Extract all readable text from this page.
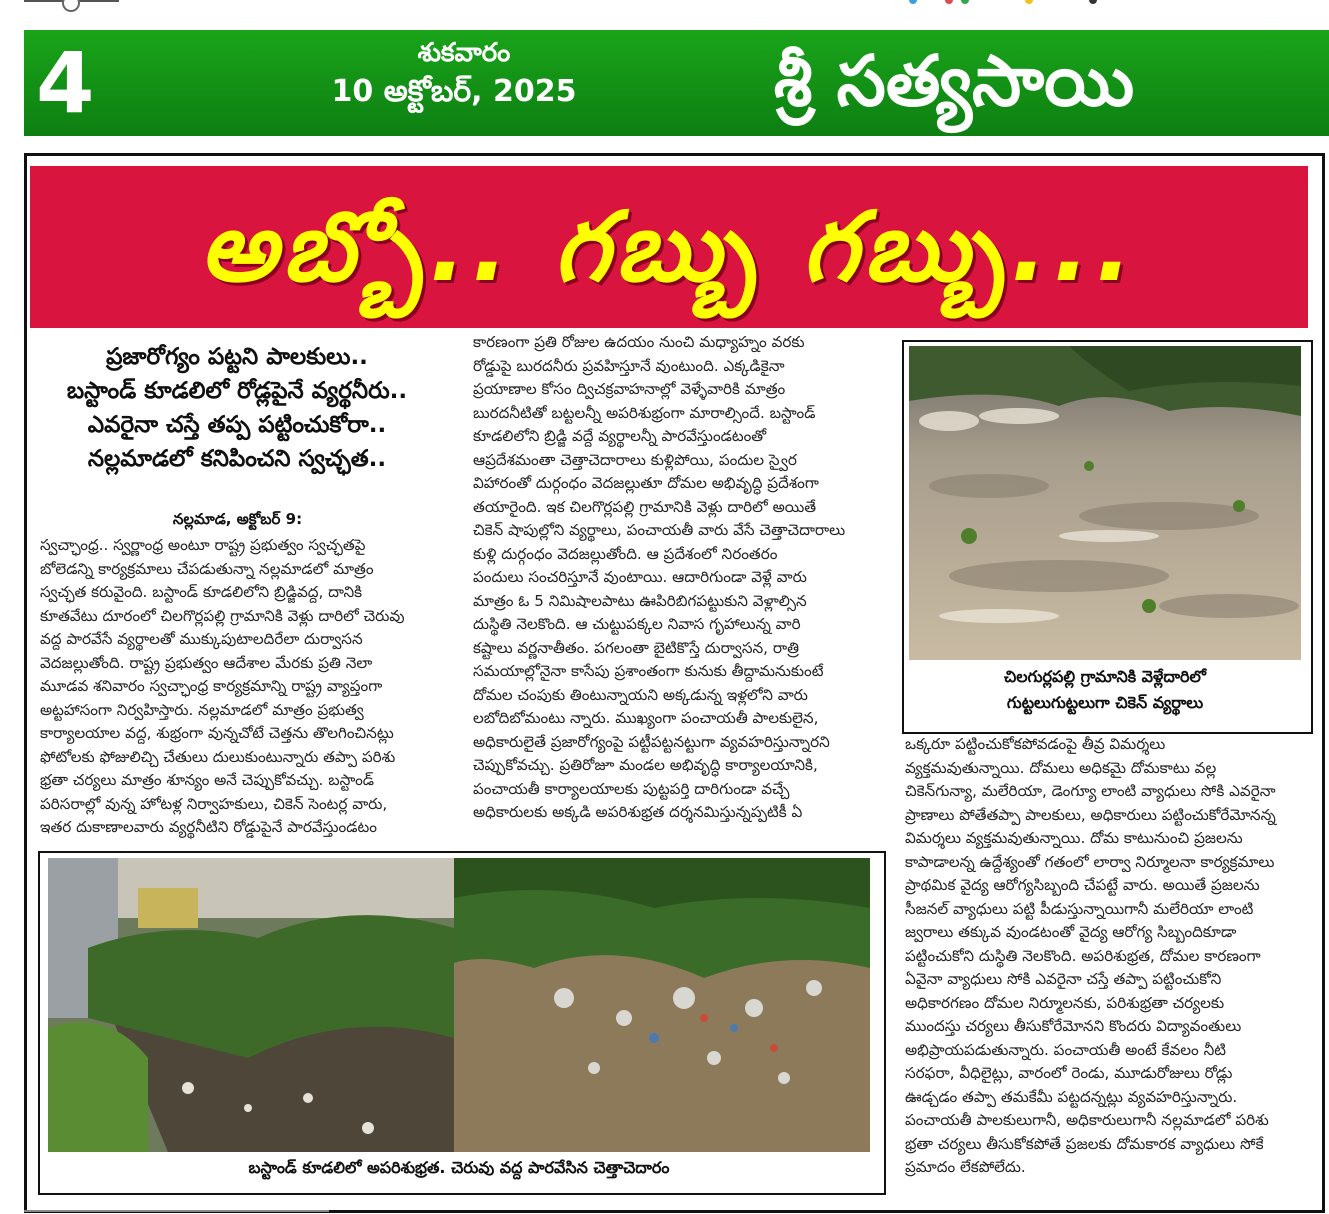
4	శుకవారం
10 అక్టోబర్, 2025	శ్రీ సత్యసాయి
అబ్బో.. గబ్బు గబ్బు...
ప్రజారోగ్యం పట్టని పాలకులు..
బస్టాండ్ కూడలిలో రోడ్లపైనే వ్యర్థనీరు..
ఎవరైనా చస్తే తప్ప పట్టించుకోరా..
నల్లమాడలో కనిపించని స్వచ్ఛత..
నల్లమాడ, అక్టోబర్ 9:

స్వచ్ఛాంధ్ర.. స్వర్ణాంధ్ర అంటూ రాష్ట్ర ప్రభుత్వం స్వచ్ఛతపై

బోలెడన్ని కార్యక్రమాలు చేపడుతున్నా నల్లమాడలో మాత్రం

స్వచ్ఛత కరువైంది. బస్టాండ్ కూడలిలోని బ్రిడ్జివద్ద, దానికి

కూతవేటు దూరంలో చిలగొర్లపల్లి గ్రామానికి వెళ్లు దారిలో చెరువు

వద్ద పారవేసే వ్యర్థాలతో ముక్కుపుటాలదిరేలా దుర్వాసన

వెదజల్లుతోంది. రాష్ట్ర ప్రభుత్వం ఆదేశాల మేరకు ప్రతి నెలా

మూడవ శనివారం స్వచ్ఛాంధ్ర కార్యక్రమాన్ని రాష్ట్ర వ్యాప్తంగా

అట్టహాసంగా నిర్వహిస్తారు. నల్లమాడలో మాత్రం ప్రభుత్వ

కార్యాలయాల వద్ద, శుభ్రంగా వున్నచోటే చెత్తను తొలగించినట్లు

ఫోటోలకు ఫోజులిచ్చి చేతులు దులుకుంటున్నారు తప్పా పరిశు

భ్రతా చర్యలు మాత్రం శూన్యం అనే చెప్పుకోవచ్చు. బస్టాండ్

పరిసరాల్లో వున్న హోటళ్ల నిర్వాహకులు, చికెన్ సెంటర్ల వారు,

ఇతర దుకాణాలవారు వ్యర్థనీటిని రోడ్డుపైనే పారవేస్తుండటం

కారణంగా ప్రతి రోజుల ఉదయం నుంచి మధ్యాహ్నం వరకు

రోడ్డుపై బురదనీరు ప్రవహిస్తూనే వుంటుంది. ఎక్కడికైనా

ప్రయాణాల కోసం ద్విచక్రవాహనాల్లో వెళ్ళేవారికి మాత్రం

బురదనీటితో బట్టలన్నీ అపరిశుభ్రంగా మారాల్సిందే. బస్టాండ్

కూడలిలోని బ్రిడ్జి వద్దే వ్యర్థాలన్నీ పారవేస్తుండటంతో

ఆప్రదేశమంతా చెత్తాచెదారాలు కుళ్లిపోయి, పందుల స్వైర

విహారంతో దుర్గంధం వెదజల్లుతూ దోమల అభివృద్ధి ప్రదేశంగా

తయారైంది. ఇక చిలగొర్లపల్లి గ్రామానికి వెళ్లు దారిలో అయితే

చికెన్ షాపుల్లోని వ్యర్థాలు, పంచాయతీ వారు వేసే చెత్తాచెదారాలు

కుళ్లి దుర్గంధం వెదజల్లుతోంది. ఆ ప్రదేశంలో నిరంతరం

పందులు సంచరిస్తూనే వుంటాయి. ఆదారిగుండా వెళ్లే వారు

మాత్రం ఓ 5 నిమిషాలపాటు ఊపిరిబిగపట్టుకుని వెళ్లాల్సిన

దుస్థితి నెలకొంది. ఆ చుట్టుపక్కల నివాస గృహాలున్న వారి

కష్టాలు వర్ణనాతీతం. పగలంతా బైటికొస్తే దుర్వాసన, రాత్రి

సమయాల్లోనైనా కాసేపు ప్రశాంతంగా కునుకు తీద్దామనుకుంటే

దోమల చంపుకు తింటున్నాయని అక్కడున్న ఇళ్లలోని వారు

లబోదిబోమంటు న్నారు. ముఖ్యంగా పంచాయతీ పాలకులైన,

అధికారులైతే ప్రజారోగ్యంపై పట్టీపట్టనట్టుగా వ్యవహరిస్తున్నారని

చెప్పుకోవచ్చు. ప్రతిరోజూ మండల అభివృద్ధి కార్యాలయానికి,

పంచాయతీ కార్యాలయాలకు పుట్టపర్తి దారిగుండా వచ్చే

అధికారులకు అక్కడి అపరిశుభ్రత దర్శనమిస్తున్నప్పటికీ ఏ

ఒక్కరూ పట్టించుకోకపోవడంపై తీవ్ర విమర్శలు

వ్యక్తమవుతున్నాయి. దోమలు అధికమై దోమకాటు వల్ల

చికెన్‌గున్యా, మలేరియా, డెంగ్యూ లాంటి వ్యాధులు సోకి ఎవరైనా

ప్రాణాలు పోతేతప్పా పాలకులు, అధికారులు పట్టించుకోరేమోనన్న

విమర్శలు వ్యక్తమవుతున్నాయి. దోమ కాటునుంచి ప్రజలను

కాపాడాలన్న ఉద్దేశ్యంతో గతంలో లార్వా నిర్మూలనా కార్యక్రమాలు

ప్రాథమిక వైద్య ఆరోగ్యసిబ్బంది చేపట్టే వారు. అయితే ప్రజలను

సీజనల్ వ్యాధులు పట్టి పీడుస్తున్నాయిగానీ మలేరియా లాంటి

జ్వరాలు తక్కువ వుండటంతో వైద్య ఆరోగ్య సిబ్బందికూడా

పట్టించుకోని దుస్థితి నెలకొంది. అపరిశుభ్రత, దోమల కారణంగా

ఏవైనా వ్యాధులు సోకి ఎవరైనా చస్తే తప్పా పట్టించుకోని

అధికారగణం దోమల నిర్మూలనకు, పరిశుభ్రతా చర్యలకు

ముందస్తు చర్యలు తీసుకోరేమోనని కొందరు విద్యావంతులు

అభిప్రాయపడుతున్నారు. పంచాయతీ అంటే కేవలం నీటి

సరఫరా, వీధిలైట్లు, వారంలో రెండు, మూడురోజులు రోడ్లు

ఊడ్చడం తప్పా తమకేమీ పట్టదన్నట్లు వ్యవహరిస్తున్నారు.

పంచాయతీ పాలకులుగానీ, అధికారులుగానీ నల్లమాడలో పరిశు

భ్రతా చర్యలు తీసుకోకపోతే ప్రజలకు దోమకారక వ్యాధులు సోకే

ప్రమాదం లేకపోలేదు.

చిలగుర్లపల్లి గ్రామానికి వెళ్లేదారిలో
గుట్టలుగుట్టలుగా చికెన్ వ్యర్థాలు
బస్టాండ్ కూడలిలో అపరిశుభ్రత. చెరువు వద్ద పారవేసిన చెత్తాచెదారం
